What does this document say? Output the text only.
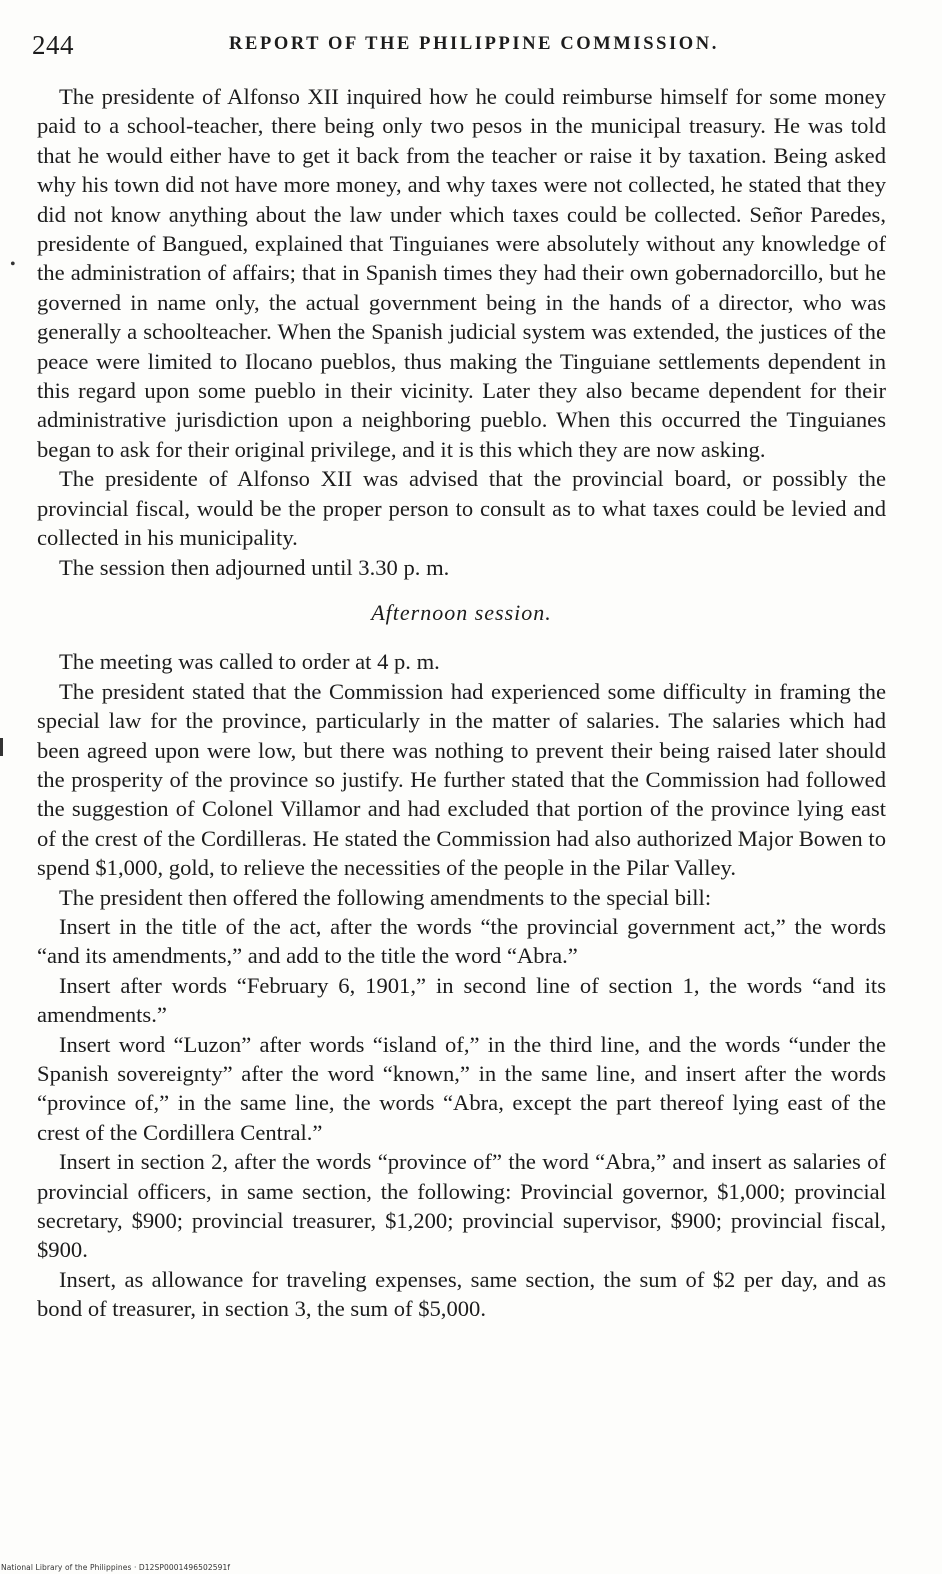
244	REPORT OF THE PHILIPPINE COMMISSION.
•

The presidente of Alfonso XII inquired how he could reimburse himself for some money paid to a school-teacher, there being only two pesos in the municipal treasury. He was told that he would either have to get it back from the teacher or raise it by taxation. Being asked why his town did not have more money, and why taxes were not collected, he stated that they did not know anything about the law under which taxes could be collected. Señor Paredes, presidente of Bangued, explained that Tinguianes were absolutely without any knowledge of the administration of affairs; that in Spanish times they had their own gobernadorcillo, but he governed in name only, the actual government being in the hands of a director, who was generally a schoolteacher. When the Spanish judicial system was extended, the justices of the peace were limited to Ilocano pueblos, thus making the Tinguiane settlements dependent in this regard upon some pueblo in their vicinity. Later they also became dependent for their administrative jurisdiction upon a neighboring pueblo. When this occurred the Tinguianes began to ask for their original privilege, and it is this which they are now asking.

The presidente of Alfonso XII was advised that the provincial board, or possibly the provincial fiscal, would be the proper person to consult as to what taxes could be levied and collected in his municipality.

The session then adjourned until 3.30 p. m.

Afternoon session.

The meeting was called to order at 4 p. m.

The president stated that the Commission had experienced some difficulty in framing the special law for the province, particularly in the matter of salaries. The salaries which had been agreed upon were low, but there was nothing to prevent their being raised later should the prosperity of the province so justify. He further stated that the Commission had followed the suggestion of Colonel Villamor and had excluded that portion of the province lying east of the crest of the Cordilleras. He stated the Commission had also authorized Major Bowen to spend $1,000, gold, to relieve the necessities of the people in the Pilar Valley.

The president then offered the following amendments to the special bill:

Insert in the title of the act, after the words “the provincial government act,” the words “and its amendments,” and add to the title the word “Abra.”

Insert after words “February 6, 1901,” in second line of section 1, the words “and its amendments.”

Insert word “Luzon” after words “island of,” in the third line, and the words “under the Spanish sovereignty” after the word “known,” in the same line, and insert after the words “province of,” in the same line, the words “Abra, except the part thereof lying east of the crest of the Cordillera Central.”

Insert in section 2, after the words “province of” the word “Abra,” and insert as salaries of provincial officers, in same section, the following: Provincial governor, $1,000; provincial secretary, $900; provincial treasurer, $1,200; provincial supervisor, $900; provincial fiscal, $900.

Insert, as allowance for traveling expenses, same section, the sum of $2 per day, and as bond of treasurer, in section 3, the sum of $5,000.

National Library of the Philippines · D12SP0001496502591f
